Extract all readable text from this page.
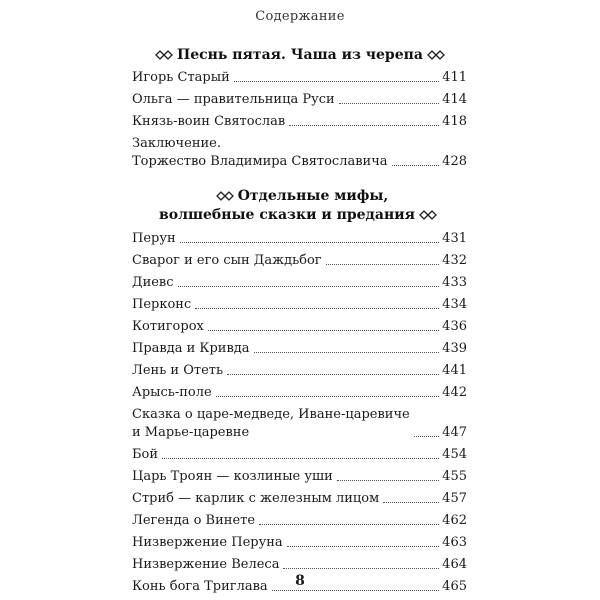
Содержание
Песнь пятая. Чаша из черепа
Игорь Старый	411
Ольга — правительница Руси	414
Князь-воин Святослав	418
Заключение.
Торжество Владимира Святославича	428
Отдельные мифы,
волшебные сказки и предания
Перун	431
Сварог и его сын Даждьбог	432
Диевс	433
Перконс	434
Котигорох	436
Правда и Кривда	439
Лень и Отеть	441
Арысь-поле	442
Сказка о царе-медведе, Иване-царевиче
и Марье-царевне	447
Бой	454
Царь Троян — козлиные уши	455
Стриб — карлик с железным лицом	457
Легенда о Винете	462
Низвержение Перуна	463
Низвержение Велеса	464
Конь бога Триглава	465
8
